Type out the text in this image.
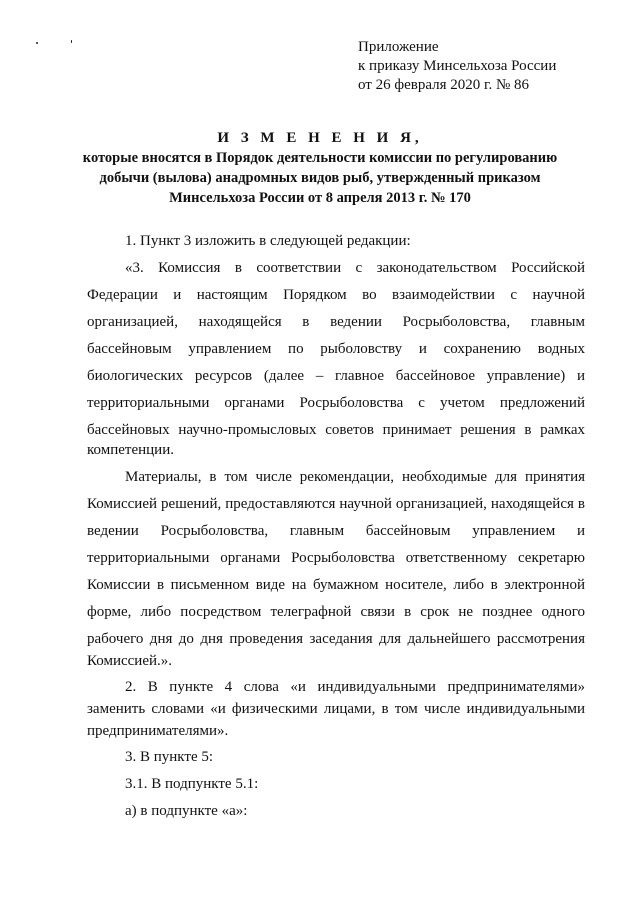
Приложение
к приказу Минсельхоза России
от 26 февраля 2020 г. № 86
И З М Е Н Е Н И Я,
которые вносятся в Порядок деятельности комиссии по регулированию
добычи (вылова) анадромных видов рыб, утвержденный приказом
Минсельхоза России от 8 апреля 2013 г. № 170
1. Пункт 3 изложить в следующей редакции:
«3. Комиссия в соответствии с законодательством Российской
Федерации и настоящим Порядком во взаимодействии с научной
организацией, находящейся в ведении Росрыболовства, главным
бассейновым управлением по рыболовству и сохранению водных
биологических ресурсов (далее – главное бассейновое управление) и
территориальными органами Росрыболовства с учетом предложений
бассейновых научно-промысловых советов принимает решения в рамках
компетенции.
Материалы, в том числе рекомендации, необходимые для принятия
Комиссией решений, предоставляются научной организацией, находящейся в
ведении Росрыболовства, главным бассейновым управлением и
территориальными органами Росрыболовства ответственному секретарю
Комиссии в письменном виде на бумажном носителе, либо в электронной
форме, либо посредством телеграфной связи в срок не позднее одного
рабочего дня до дня проведения заседания для дальнейшего рассмотрения
Комиссией.».
2. В пункте 4 слова «и индивидуальными предпринимателями»
заменить словами «и физическими лицами, в том числе индивидуальными
предпринимателями».
3. В пункте 5:
3.1. В подпункте 5.1:
а) в подпункте «а»:
